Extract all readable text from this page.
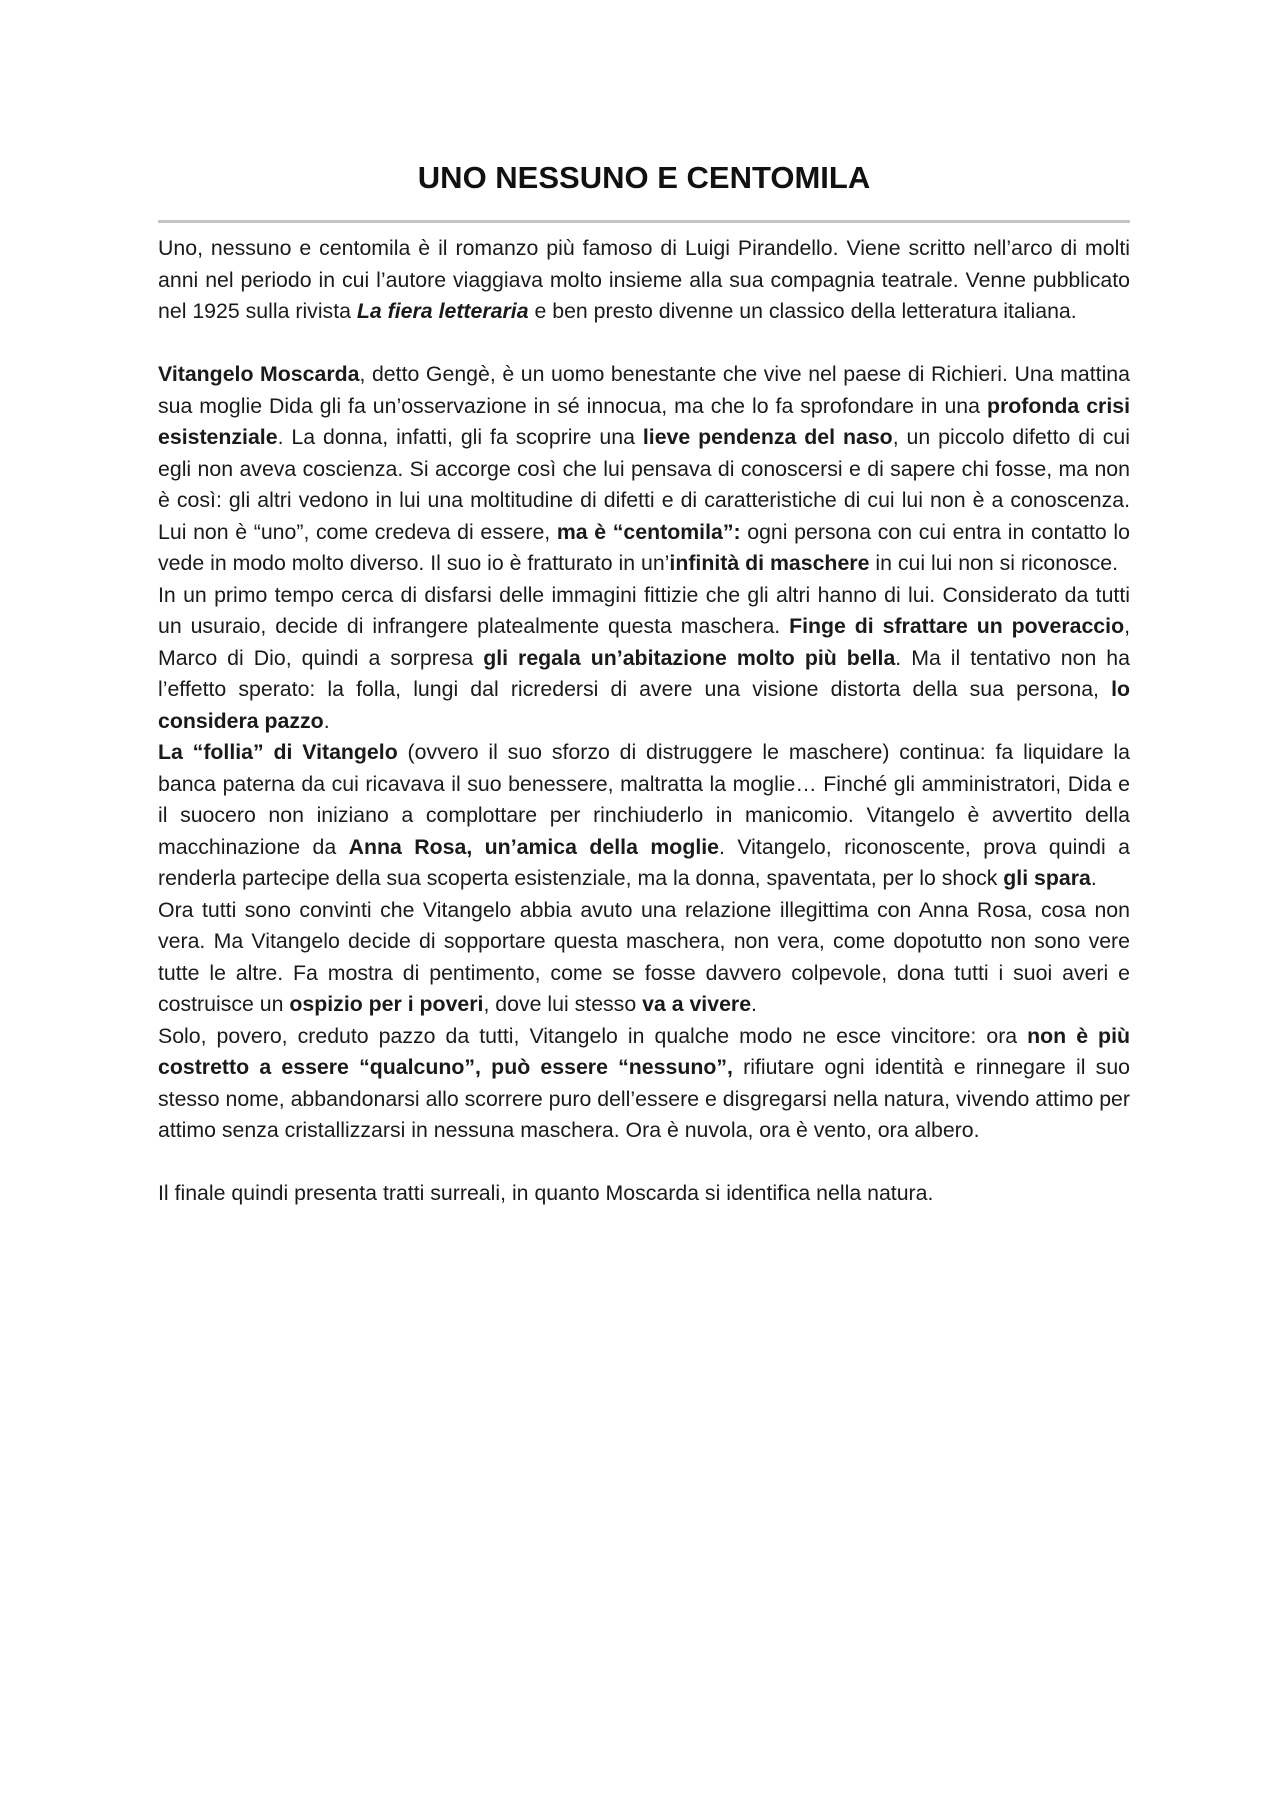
UNO NESSUNO E CENTOMILA

Uno, nessuno e centomila è il romanzo più famoso di Luigi Pirandello. Viene scritto nell’arco di molti anni nel periodo in cui l’autore viaggiava molto insieme alla sua compagnia teatrale. Venne pubblicato nel 1925 sulla rivista La fiera letteraria e ben presto divenne un classico della letteratura italiana.

Vitangelo Moscarda, detto Gengè, è un uomo benestante che vive nel paese di Richieri. Una mattina sua moglie Dida gli fa un’osservazione in sé innocua, ma che lo fa sprofondare in una profonda crisi esistenziale. La donna, infatti, gli fa scoprire una lieve pendenza del naso, un piccolo difetto di cui egli non aveva coscienza. Si accorge così che lui pensava di conoscersi e di sapere chi fosse, ma non è così: gli altri vedono in lui una moltitudine di difetti e di caratteristiche di cui lui non è a conoscenza. Lui non è “uno”, come credeva di essere, ma è “centomila”: ogni persona con cui entra in contatto lo vede in modo molto diverso. Il suo io è fratturato in un’infinità di maschere in cui lui non si riconosce.

In un primo tempo cerca di disfarsi delle immagini fittizie che gli altri hanno di lui. Considerato da tutti un usuraio, decide di infrangere platealmente questa maschera. Finge di sfrattare un poveraccio, Marco di Dio, quindi a sorpresa gli regala un’abitazione molto più bella. Ma il tentativo non ha l’effetto sperato: la folla, lungi dal ricredersi di avere una visione distorta della sua persona, lo considera pazzo.

La “follia” di Vitangelo (ovvero il suo sforzo di distruggere le maschere) continua: fa liquidare la banca paterna da cui ricavava il suo benessere, maltratta la moglie… Finché gli amministratori, Dida e il suocero non iniziano a complottare per rinchiuderlo in manicomio. Vitangelo è avvertito della macchinazione da Anna Rosa, un’amica della moglie. Vitangelo, riconoscente, prova quindi a renderla partecipe della sua scoperta esistenziale, ma la donna, spaventata, per lo shock gli spara.

Ora tutti sono convinti che Vitangelo abbia avuto una relazione illegittima con Anna Rosa, cosa non vera. Ma Vitangelo decide di sopportare questa maschera, non vera, come dopotutto non sono vere tutte le altre. Fa mostra di pentimento, come se fosse davvero colpevole, dona tutti i suoi averi e costruisce un ospizio per i poveri, dove lui stesso va a vivere.

Solo, povero, creduto pazzo da tutti, Vitangelo in qualche modo ne esce vincitore: ora non è più costretto a essere “qualcuno”, può essere “nessuno”, rifiutare ogni identità e rinnegare il suo stesso nome, abbandonarsi allo scorrere puro dell’essere e disgregarsi nella natura, vivendo attimo per attimo senza cristallizzarsi in nessuna maschera. Ora è nuvola, ora è vento, ora albero.

Il finale quindi presenta tratti surreali, in quanto Moscarda si identifica nella natura.
